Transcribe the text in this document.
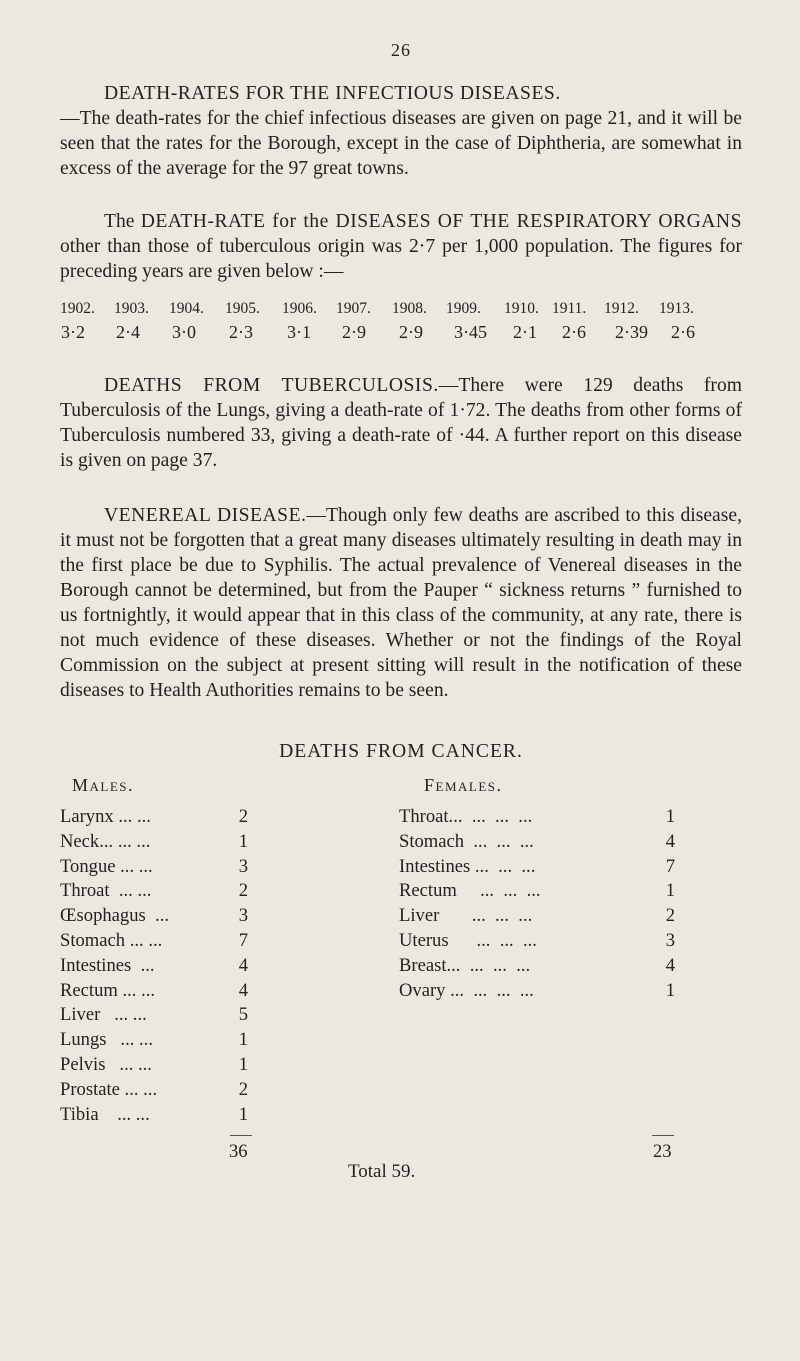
26

DEATH-RATES FOR THE INFECTIOUS DISEASES.
—The death-rates for the chief infectious diseases are given on page 21, and it will be seen that the rates for the Borough, except in the case of Diphtheria, are somewhat in excess of the average for the 97 great towns.

The DEATH-RATE for the DISEASES OF THE RESPIRATORY ORGANS other than those of tuberculous origin was 2·7 per 1,000 population. The figures for preceding years are given below :—

1902.	1903.	1904.	1905.	1906.	1907.	1908.	1909.	1910. 1911.	1912.	1913.
3·2	2·4	3·0	2·3	3·1	2·9	2·9	3·45	2·1	2·6	2·39	2·6

DEATHS FROM TUBERCULOSIS.—There were 129 deaths from Tuberculosis of the Lungs, giving a death-rate of 1·72. The deaths from other forms of Tuberculosis numbered 33, giving a death-rate of ·44. A further report on this disease is given on page 37.

VENEREAL DISEASE.—Though only few deaths are ascribed to this disease, it must not be forgotten that a great many diseases ultimately resulting in death may in the first place be due to Syphilis. The actual prevalence of Venereal diseases in the Borough cannot be determined, but from the Pauper “ sickness returns ” furnished to us fortnightly, it would appear that in this class of the community, at any rate, there is not much evidence of these diseases. Whether or not the findings of the Royal Commission on the subject at present sitting will result in the notification of these diseases to Health Authorities remains to be seen.

DEATHS FROM CANCER.
Males.	Females.
Larynx ... ...	2
Neck... ... ...	1
Tongue ... ...	3
Throat ... ...	2
Œsophagus ...	3
Stomach ... ...	7
Intestines ...	4
Rectum ... ...	4
Liver ... ...	5
Lungs ... ...	1
Pelvis ... ...	1
Prostate ... ...	2
Tibia ... ...	1
Throat... ...  ...  ...	1
Stomach ...  ...  ...	4
Intestines ... ...  ...	7
Rectum ...  ...  ...	1
Liver ...  ...  ...	2
Uterus ...  ...  ...	3
Breast... ...  ...  ...	4
Ovary ... ...  ...  ...	1
36	23
Total 59.
